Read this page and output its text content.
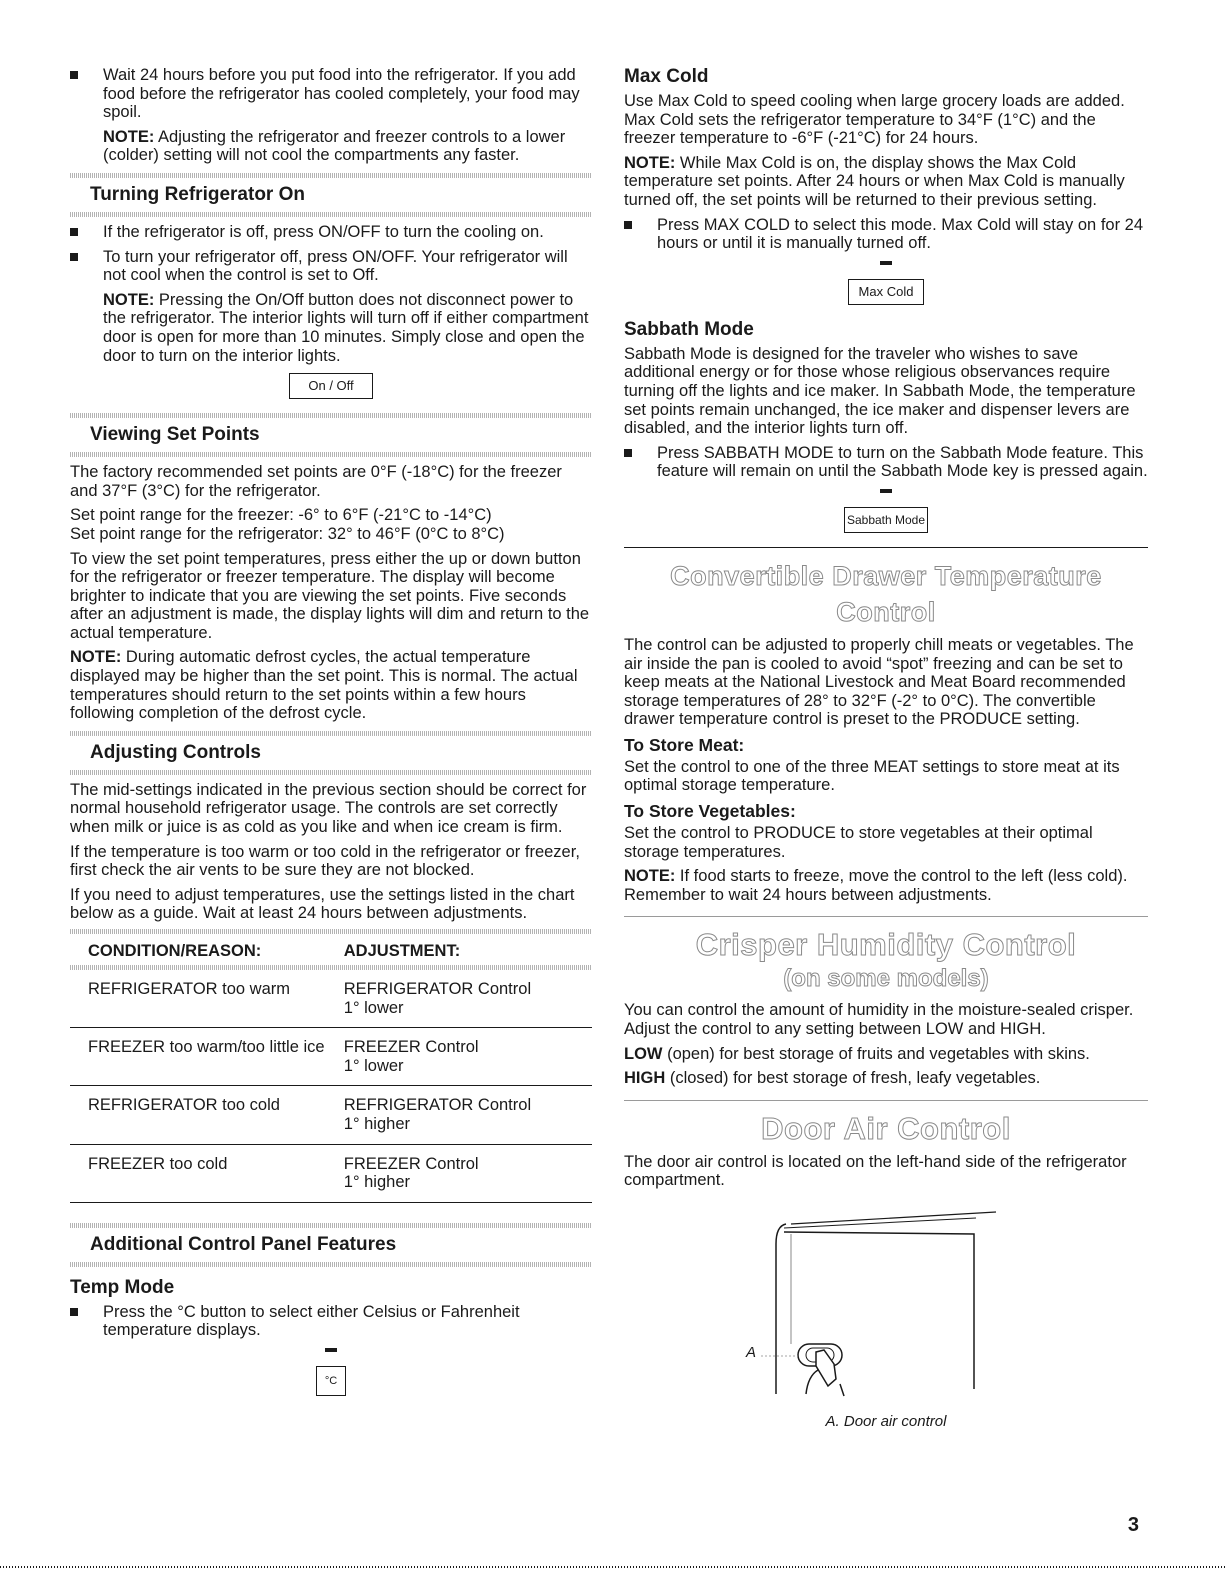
Wait 24 hours before you put food into the refrigerator. If you add food before the refrigerator has cooled completely, your food may spoil.

NOTE: Adjusting the refrigerator and freezer controls to a lower (colder) setting will not cool the compartments any faster.

Turning Refrigerator On
If the refrigerator is off, press ON/OFF to turn the cooling on.
To turn your refrigerator off, press ON/OFF. Your refrigerator will not cool when the control is set to Off.

NOTE: Pressing the On/Off button does not disconnect power to the refrigerator. The interior lights will turn off if either compartment door is open for more than 10 minutes. Simply close and open the door to turn on the interior lights.

On / Off
Viewing Set Points

The factory recommended set points are 0°F (-18°C) for the freezer and 37°F (3°C) for the refrigerator.

Set point range for the freezer: -6° to 6°F (-21°C to -14°C)

Set point range for the refrigerator: 32° to 46°F (0°C to 8°C)

To view the set point temperatures, press either the up or down button for the refrigerator or freezer temperature. The display will become brighter to indicate that you are viewing the set points. Five seconds after an adjustment is made, the display lights will dim and return to the actual temperature.

NOTE: During automatic defrost cycles, the actual temperature displayed may be higher than the set point. This is normal. The actual temperatures should return to the set points within a few hours following completion of the defrost cycle.

Adjusting Controls

The mid-settings indicated in the previous section should be correct for normal household refrigerator usage. The controls are set correctly when milk or juice is as cold as you like and when ice cream is firm.

If the temperature is too warm or too cold in the refrigerator or freezer, first check the air vents to be sure they are not blocked.

If you need to adjust temperatures, use the settings listed in the chart below as a guide. Wait at least 24 hours between adjustments.

CONDITION/REASON:	ADJUSTMENT:

REFRIGERATOR too warm	REFRIGERATOR Control
1° lower

FREEZER too warm/too little ice	FREEZER Control
1° lower

REFRIGERATOR too cold	REFRIGERATOR Control
1° higher

FREEZER too cold	FREEZER Control
1° higher
Additional Control Panel Features
Temp Mode
Press the °C button to select either Celsius or Fahrenheit temperature displays.
°C
Max Cold

Use Max Cold to speed cooling when large grocery loads are added. Max Cold sets the refrigerator temperature to 34°F (1°C) and the freezer temperature to -6°F (-21°C) for 24 hours.

NOTE: While Max Cold is on, the display shows the Max Cold temperature set points. After 24 hours or when Max Cold is manually turned off, the set points will be returned to their previous setting.

Press MAX COLD to select this mode. Max Cold will stay on for 24 hours or until it is manually turned off.
Max Cold
Sabbath Mode

Sabbath Mode is designed for the traveler who wishes to save additional energy or for those whose religious observances require turning off the lights and ice maker. In Sabbath Mode, the temperature set points remain unchanged, the ice maker and dispenser levers are disabled, and the interior lights turn off.

Press SABBATH MODE to turn on the Sabbath Mode feature. This feature will remain on until the Sabbath Mode key is pressed again.
Sabbath Mode
Convertible Drawer Temperature Control

The control can be adjusted to properly chill meats or vegetables. The air inside the pan is cooled to avoid “spot” freezing and can be set to keep meats at the National Livestock and Meat Board recommended storage temperatures of 28° to 32°F (-2° to 0°C). The convertible drawer temperature control is preset to the PRODUCE setting.

To Store Meat:

Set the control to one of the three MEAT settings to store meat at its optimal storage temperature.

To Store Vegetables:

Set the control to PRODUCE to store vegetables at their optimal storage temperatures.

NOTE: If food starts to freeze, move the control to the left (less cold). Remember to wait 24 hours between adjustments.

Crisper Humidity Control
(on some models)

You can control the amount of humidity in the moisture-sealed crisper. Adjust the control to any setting between LOW and HIGH.

LOW (open) for best storage of fruits and vegetables with skins.

HIGH (closed) for best storage of fresh, leafy vegetables.

Door Air Control

The door air control is located on the left-hand side of the refrigerator compartment.

A
A. Door air control
3
